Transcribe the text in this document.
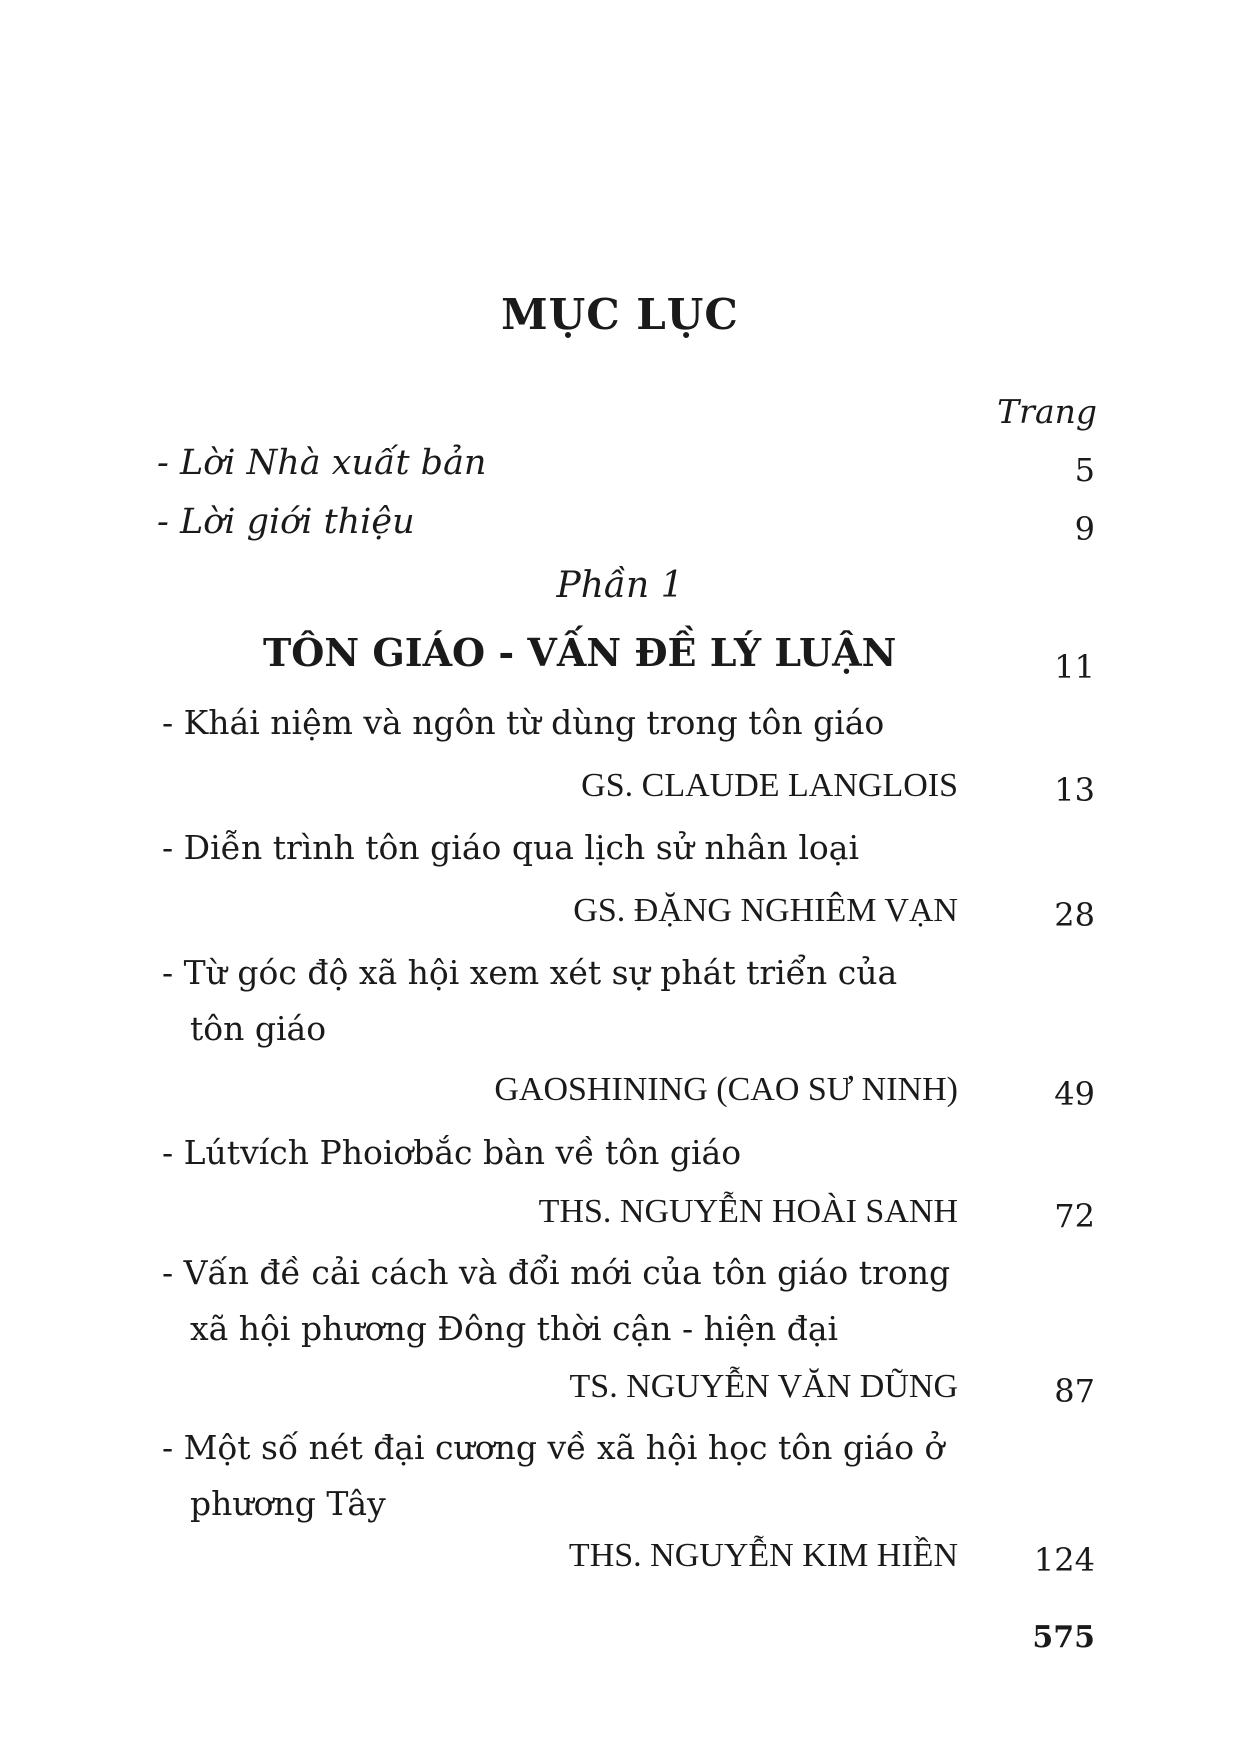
MỤC LỤC
Trang
- Lời Nhà xuất bản	5
- Lời giới thiệu	9
Phần 1
TÔN GIÁO - VẤN ĐỀ LÝ LUẬN	11
- Khái niệm và ngôn từ dùng trong tôn giáo
GS. CLAUDE LANGLOIS	13
- Diễn trình tôn giáo qua lịch sử nhân loại
GS. ĐẶNG NGHIÊM VẠN	28
- Từ góc độ xã hội xem xét sự phát triển của
tôn giáo
GAOSHINING (CAO SƯ NINH)	49
- Lútvích Phoiơbắc bàn về tôn giáo
THS. NGUYỄN HOÀI SANH	72
- Vấn đề cải cách và đổi mới của tôn giáo trong
xã hội phương Đông thời cận - hiện đại
TS. NGUYỄN VĂN DŨNG	87
- Một số nét đại cương về xã hội học tôn giáo ở
phương Tây
THS. NGUYỄN KIM HIỀN 124
575
